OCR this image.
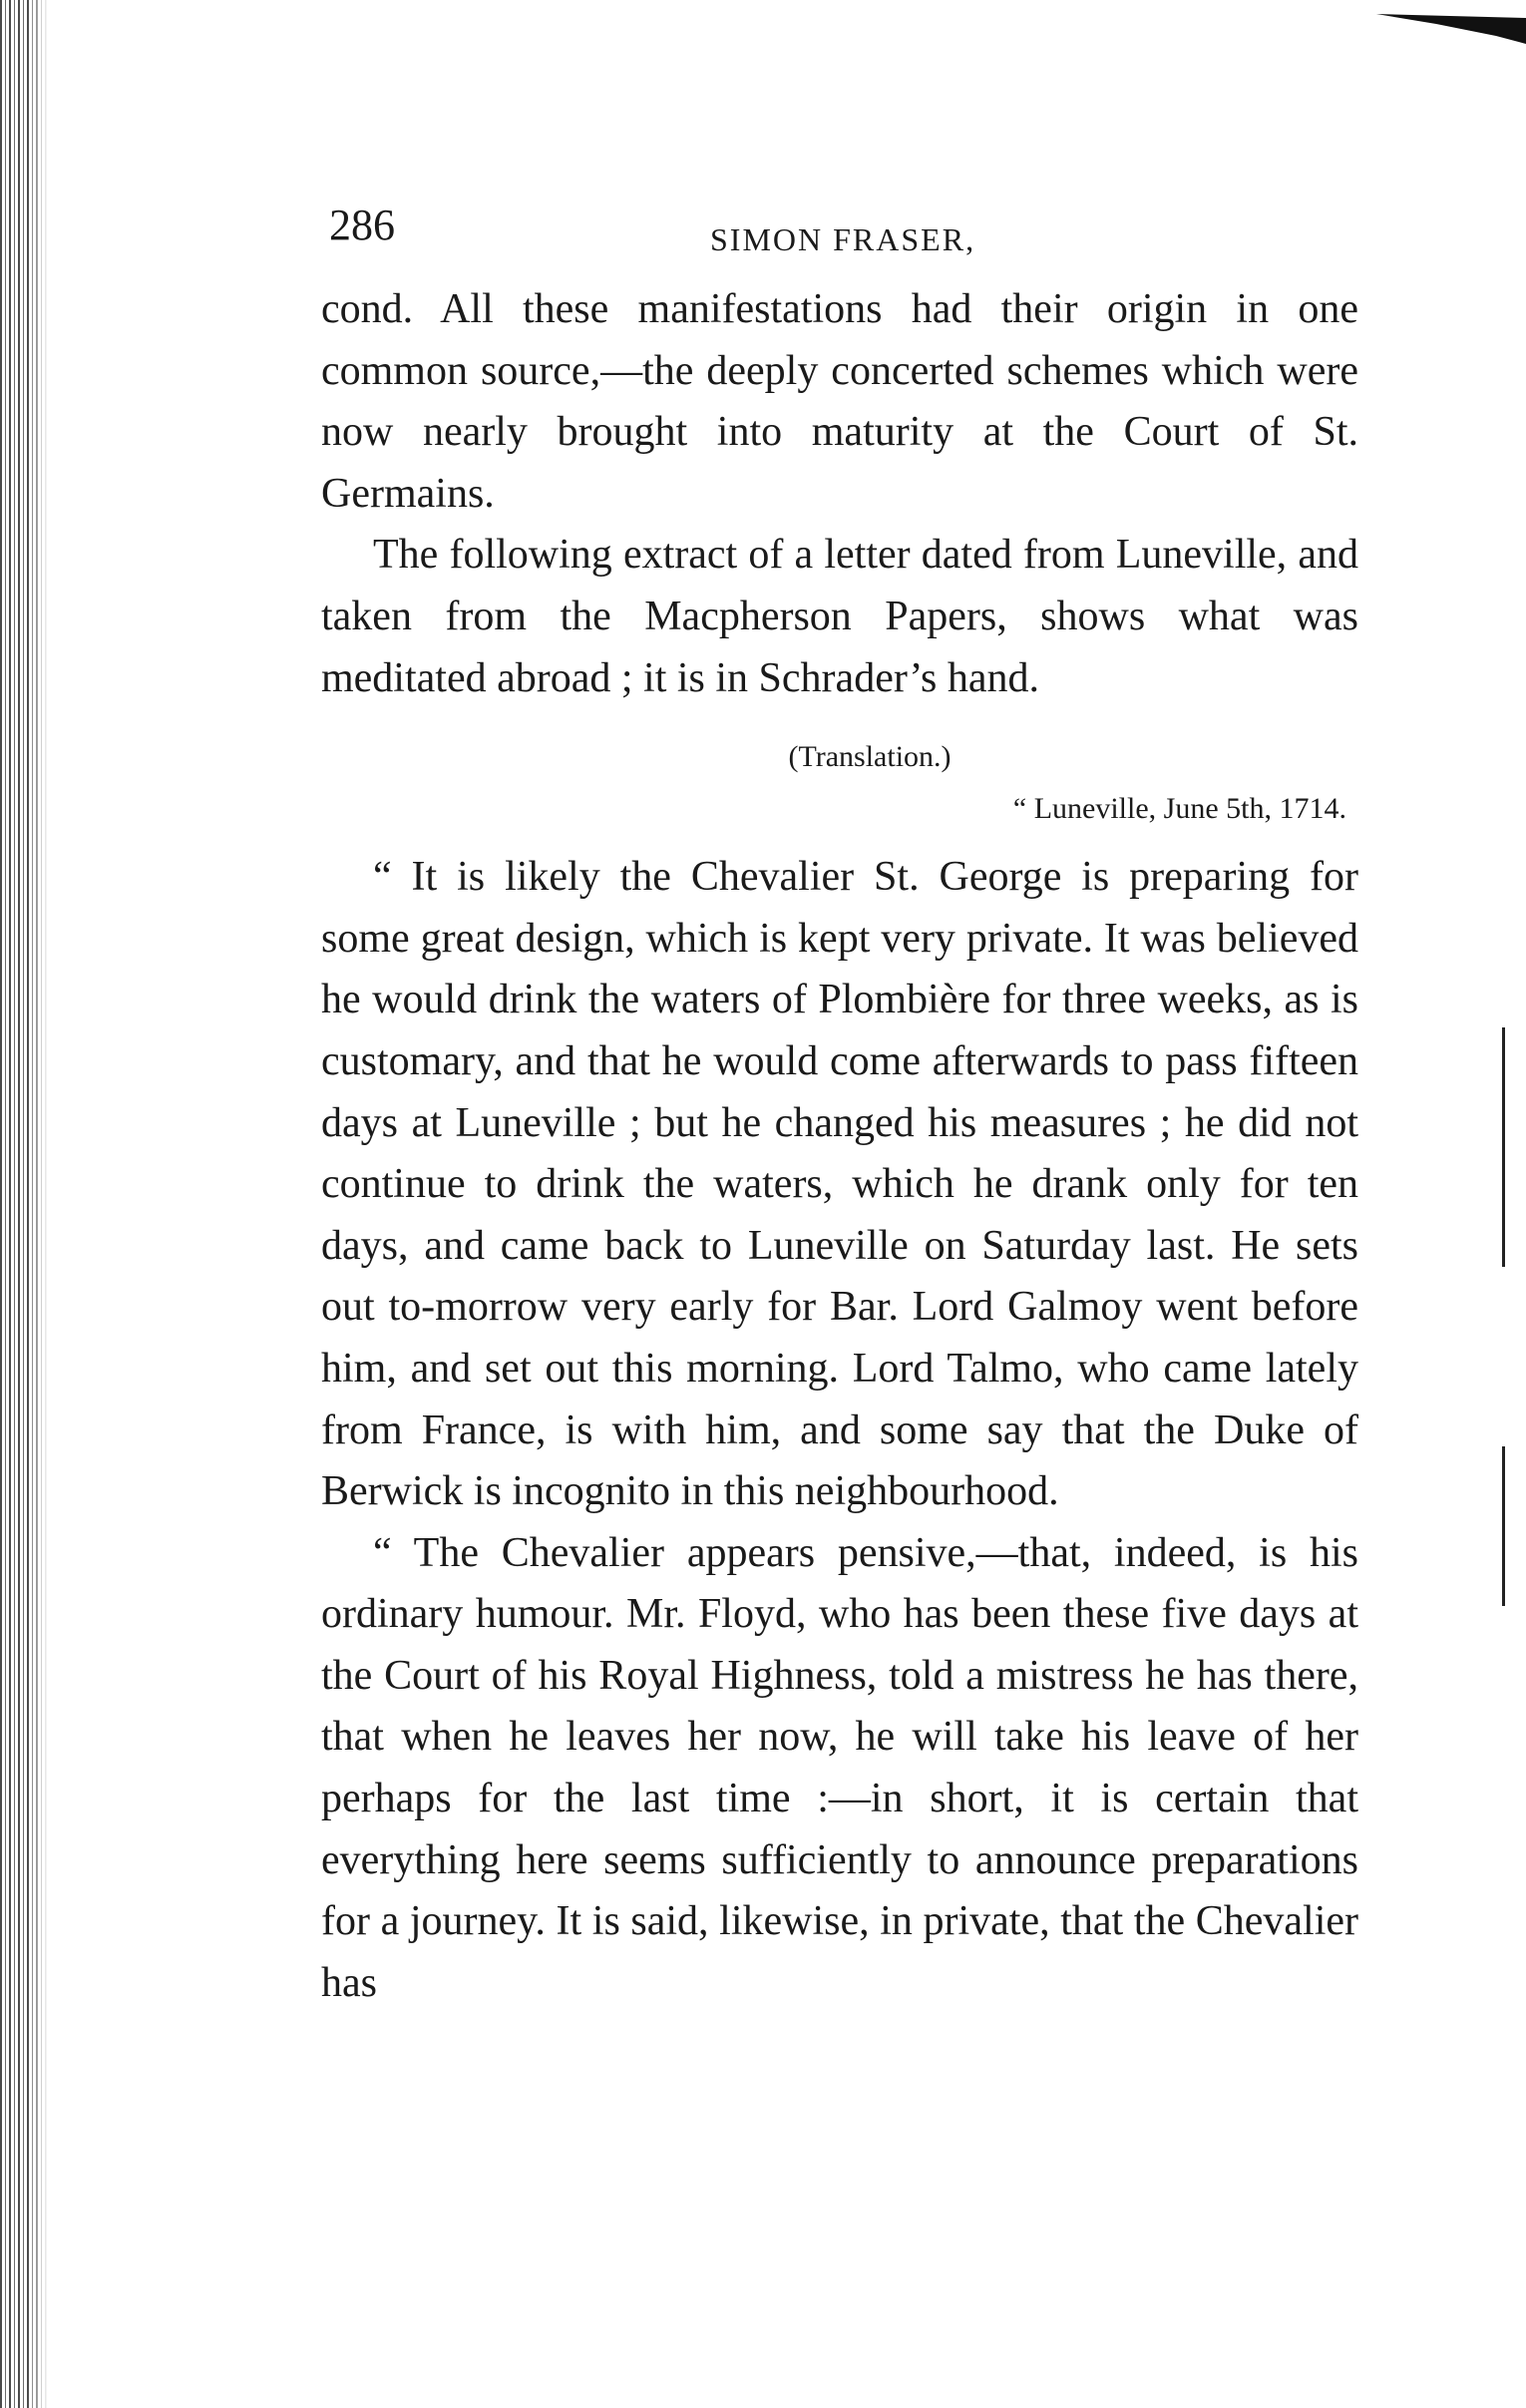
286	SIMON FRASER,

cond. All these manifestations had their origin in one common source,—the deeply concerted schemes which were now nearly brought into maturity at the Court of St. Germains.

The following extract of a letter dated from Luneville, and taken from the Macpherson Papers, shows what was meditated abroad ; it is in Schrader’s hand.

(Translation.)
“ Luneville, June 5th, 1714.

“ It is likely the Chevalier St. George is preparing for some great design, which is kept very private. It was believed he would drink the waters of Plombière for three weeks, as is customary, and that he would come afterwards to pass fifteen days at Luneville ; but he changed his measures ; he did not continue to drink the waters, which he drank only for ten days, and came back to Luneville on Saturday last. He sets out to-morrow very early for Bar. Lord Galmoy went before him, and set out this morning. Lord Talmo, who came lately from France, is with him, and some say that the Duke of Berwick is incognito in this neighbourhood.

“ The Chevalier appears pensive,—that, indeed, is his ordinary humour. Mr. Floyd, who has been these five days at the Court of his Royal Highness, told a mistress he has there, that when he leaves her now, he will take his leave of her perhaps for the last time :—in short, it is certain that everything here seems sufficiently to announce preparations for a journey. It is said, likewise, in private, that the Chevalier has
